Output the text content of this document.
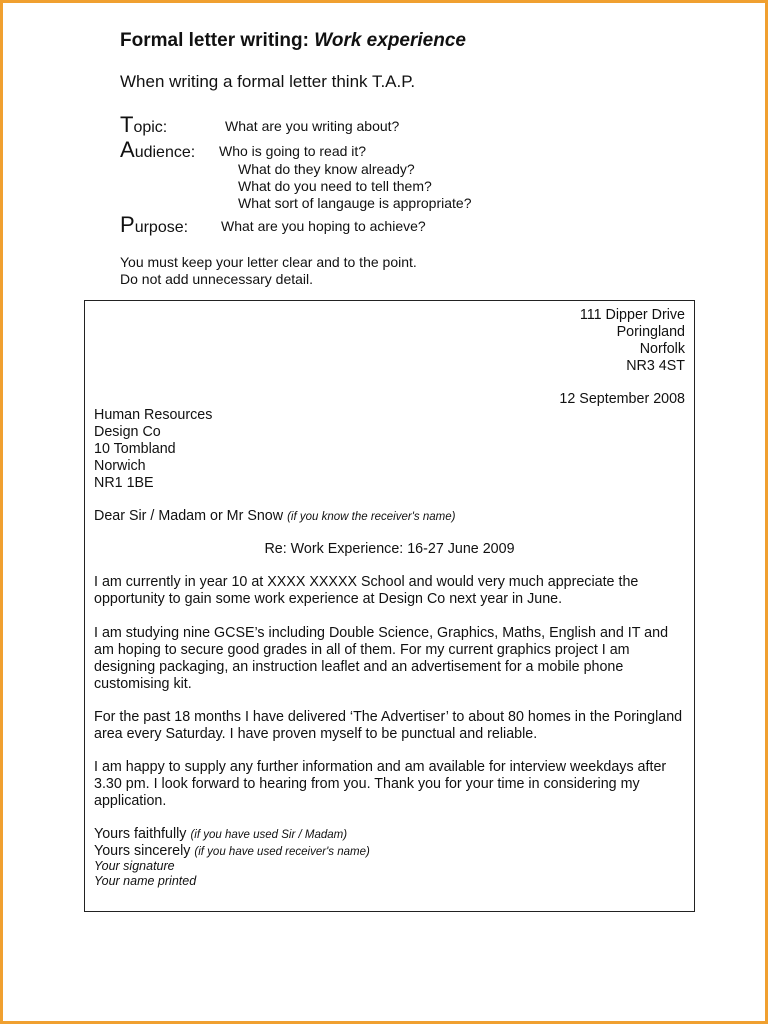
Formal letter writing: Work experience
When writing a formal letter think T.A.P.
Topic:	What are you writing about?
Audience: Who is going to read it?
What do they know already?
What do you need to tell them?
What sort of langauge is appropriate?
Purpose: What are you hoping to achieve?
You must keep your letter clear and to the point.
Do not add unnecessary detail.
111 Dipper Drive
Poringland
Norfolk
NR3 4ST
12 September 2008
Human Resources
Design Co
10 Tombland
Norwich
NR1 1BE
Dear Sir / Madam or Mr Snow (if you know the receiver's name)
Re: Work Experience: 16-27 June 2009
I am currently in year 10 at XXXX XXXXX School and would very much appreciate the opportunity to gain some work experience at Design Co next year in June.
I am studying nine GCSE’s including Double Science, Graphics, Maths, English and IT and am hoping to secure good grades in all of them. For my current graphics project I am designing packaging, an instruction leaflet and an advertisement for a mobile phone customising kit.
For the past 18 months I have delivered ‘The Advertiser’ to about 80 homes in the Poringland area every Saturday. I have proven myself to be punctual and reliable.
I am happy to supply any further information and am available for interview weekdays after 3.30 pm. I look forward to hearing from you. Thank you for your time in considering my application.
Yours faithfully (if you have used Sir / Madam)
Yours sincerely (if you have used receiver's name)
Your signature
Your name printed
